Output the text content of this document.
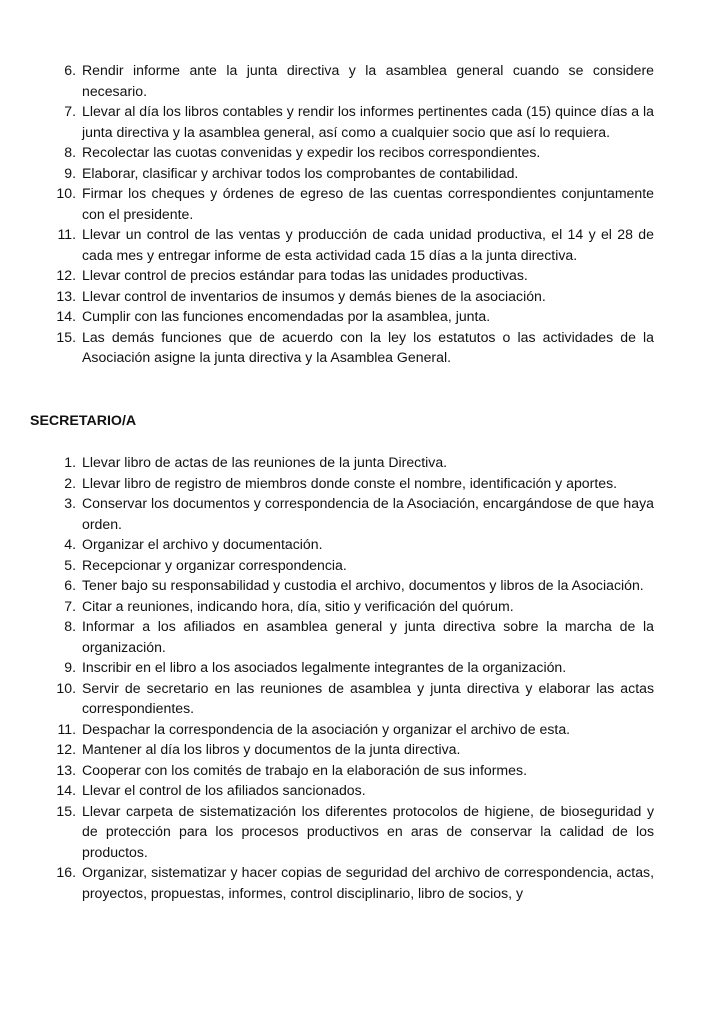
6. Rendir informe ante la junta directiva y la asamblea general cuando se considere necesario.
7. Llevar al día los libros contables y rendir los informes pertinentes cada (15) quince días a la junta directiva y la asamblea general, así como a cualquier socio que así lo requiera.
8. Recolectar las cuotas convenidas y expedir los recibos correspondientes.
9. Elaborar, clasificar y archivar todos los comprobantes de contabilidad.
10. Firmar los cheques y órdenes de egreso de las cuentas correspondientes conjuntamente con el presidente.
11. Llevar un control de las ventas y producción de cada unidad productiva, el 14 y el 28 de cada mes y entregar informe de esta actividad cada 15 días a la junta directiva.
12. Llevar control de precios estándar para todas las unidades productivas.
13. Llevar control de inventarios de insumos y demás bienes de la asociación.
14. Cumplir con las funciones encomendadas por la asamblea, junta.
15. Las demás funciones que de acuerdo con la ley los estatutos o las actividades de la Asociación asigne la junta directiva y la Asamblea General.
SECRETARIO/A
1. Llevar libro de actas de las reuniones de la junta Directiva.
2. Llevar libro de registro de miembros donde conste el nombre, identificación y aportes.
3. Conservar los documentos y correspondencia de la Asociación, encargándose de que haya orden.
4. Organizar el archivo y documentación.
5. Recepcionar y organizar correspondencia.
6. Tener bajo su responsabilidad y custodia el archivo, documentos y libros de la Asociación.
7. Citar a reuniones, indicando hora, día, sitio y verificación del quórum.
8. Informar a los afiliados en asamblea general y junta directiva sobre la marcha de la organización.
9. Inscribir en el libro a los asociados legalmente integrantes de la organización.
10. Servir de secretario en las reuniones de asamblea y junta directiva y elaborar las actas correspondientes.
11. Despachar la correspondencia de la asociación y organizar el archivo de esta.
12. Mantener al día los libros y documentos de la junta directiva.
13. Cooperar con los comités de trabajo en la elaboración de sus informes.
14. Llevar el control de los afiliados sancionados.
15. Llevar carpeta de sistematización los diferentes protocolos de higiene, de bioseguridad y de protección para los procesos productivos en aras de conservar la calidad de los productos.
16. Organizar, sistematizar y hacer copias de seguridad del archivo de correspondencia, actas, proyectos, propuestas, informes, control disciplinario, libro de socios, y
